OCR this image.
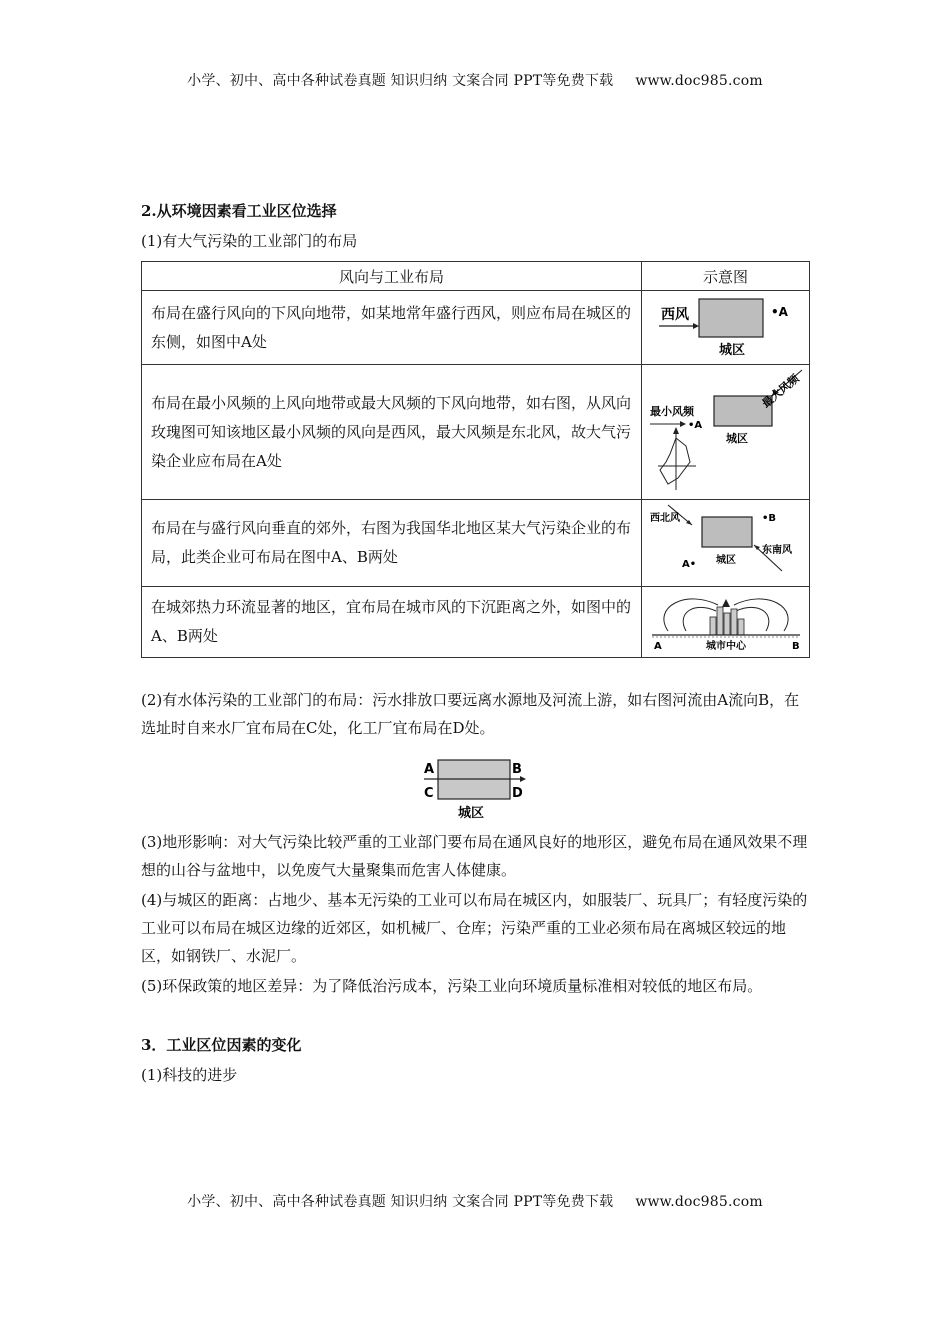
小学、初中、高中各种试卷真题 知识归纳 文案合同 PPT等免费下载 www.doc985.com
2.从环境因素看工业区位选择
(1)有大气污染的工业部门的布局
风向与工业布局	示意图
布局在盛行风向的下风向地带，如某地常年盛行西风，则应布局在城区的东侧，如图中A处	西风 •A
城区

布局在最小风频的上风向地带或最大风频的下风向地带，如右图，从风向玫瑰图可知该地区最小风频的风向是西风，最大风频是东北风，故大气污染企业应布局在A处	城区
最大风频
最小风频
•A

布局在与盛行风向垂直的郊外，右图为我国华北地区某大气污染企业的布局，此类企业可布局在图中A、B两处	西北风 •B
A• 城区
东南风

在城郊热力环流显著的地区，宜布局在城市风的下沉距离之外，如图中的A、B两处	A 城市中心 B
(2)有水体污染的工业部门的布局：污水排放口要远离水源地及河流上游，如右图河流由A流向B，在选址时自来水厂宜布局在C处，化工厂宜布局在D处。
A	B
C	D
城区
(3)地形影响：对大气污染比较严重的工业部门要布局在通风良好的地形区，避免布局在通风效果不理想的山谷与盆地中，以免废气大量聚集而危害人体健康。
(4)与城区的距离：占地少、基本无污染的工业可以布局在城区内，如服装厂、玩具厂；有轻度污染的工业可以布局在城区边缘的近郊区，如机械厂、仓库；污染严重的工业必须布局在离城区较远的地区，如钢铁厂、水泥厂。
(5)环保政策的地区差异：为了降低治污成本，污染工业向环境质量标准相对较低的地区布局。
3．工业区位因素的变化
(1)科技的进步
小学、初中、高中各种试卷真题 知识归纳 文案合同 PPT等免费下载 www.doc985.com
